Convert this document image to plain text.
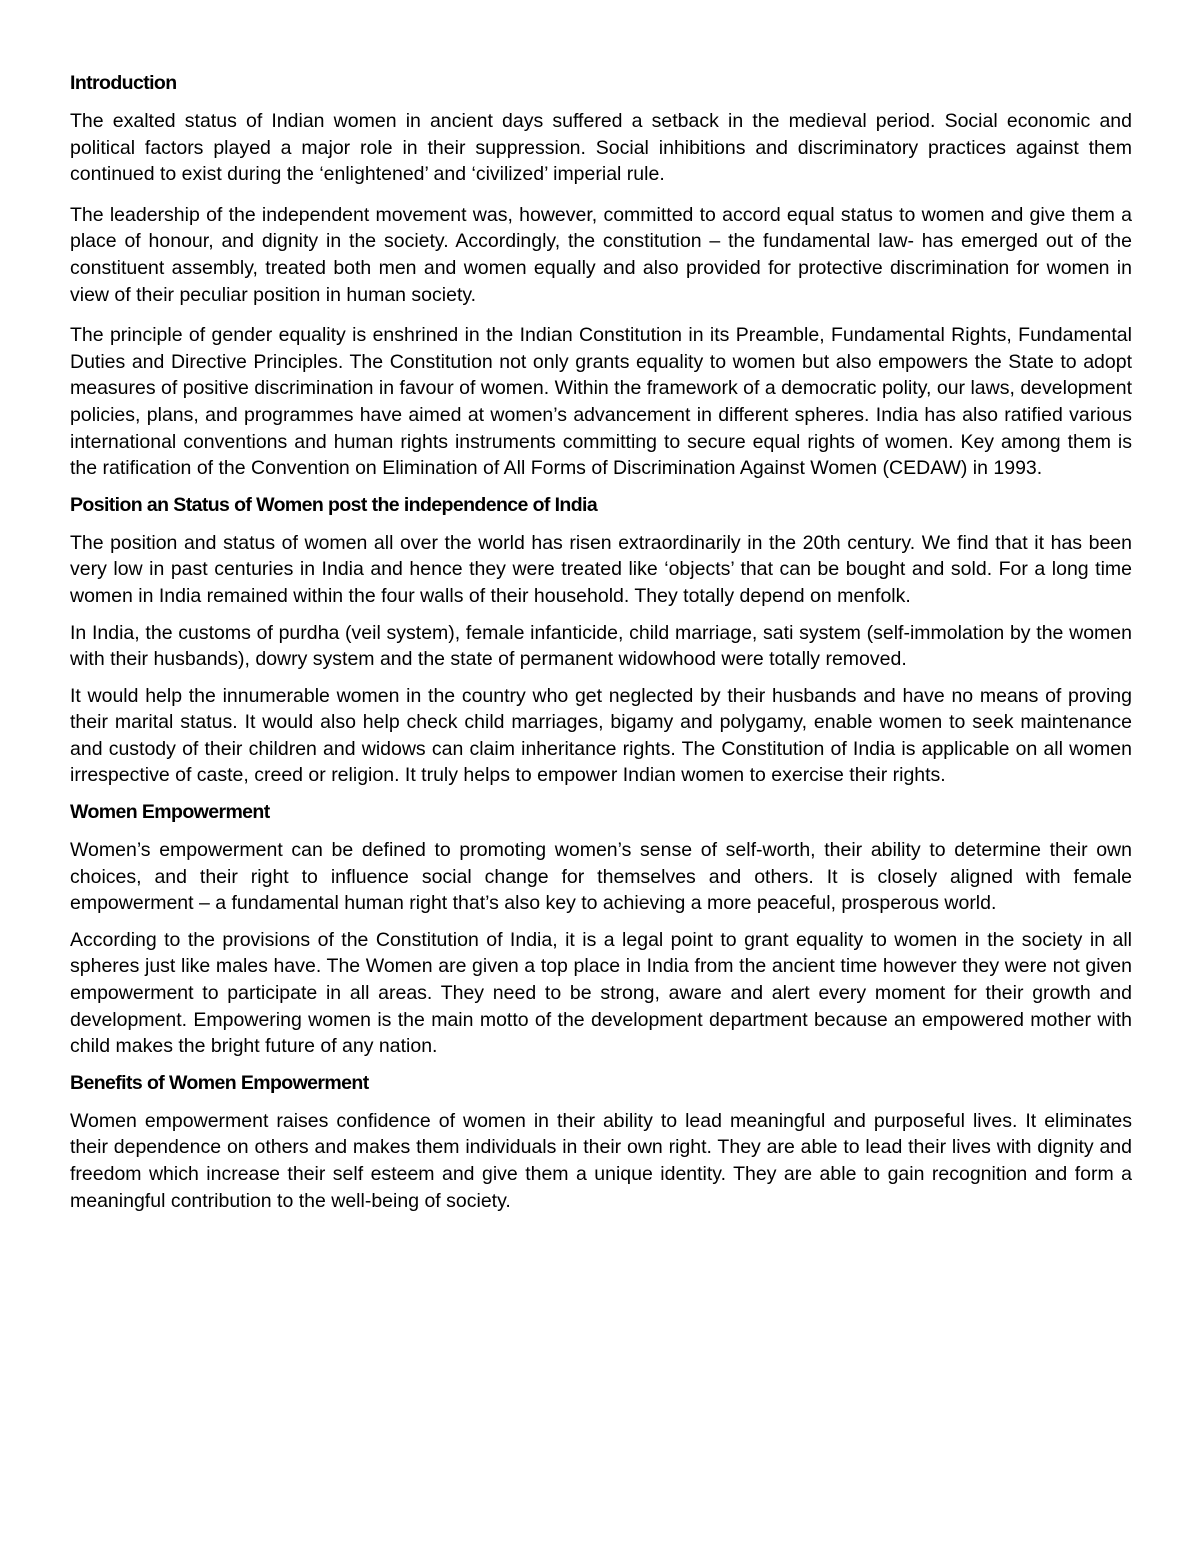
Introduction

The exalted status of Indian women in ancient days suffered a setback in the medieval period. Social economic and political factors played a major role in their suppression. Social inhibitions and discriminatory practices against them continued to exist during the ‘enlightened’ and ‘civilized’ imperial rule.

The leadership of the independent movement was, however, committed to accord equal status to women and give them a place of honour, and dignity in the society. Accordingly, the constitution – the fundamental law- has emerged out of the constituent assembly, treated both men and women equally and also provided for protective discrimination for women in view of their peculiar position in human society.

The principle of gender equality is enshrined in the Indian Constitution in its Preamble, Fundamental Rights, Fundamental Duties and Directive Principles. The Constitution not only grants equality to women but also empowers the State to adopt measures of positive discrimination in favour of women. Within the framework of a democratic polity, our laws, development policies, plans, and programmes have aimed at women’s advancement in different spheres. India has also ratified various international conventions and human rights instruments committing to secure equal rights of women. Key among them is the ratification of the Convention on Elimination of All Forms of Discrimination Against Women (CEDAW) in 1993.

Position an Status of Women post the independence of India

The position and status of women all over the world has risen extraordinarily in the 20th century. We find that it has been very low in past centuries in India and hence they were treated like ‘objects’ that can be bought and sold. For a long time women in India remained within the four walls of their household. They totally depend on menfolk.

In India, the customs of purdha (veil system), female infanticide, child marriage, sati system (self-immolation by the women with their husbands), dowry system and the state of permanent widowhood were totally removed.

It would help the innumerable women in the country who get neglected by their husbands and have no means of proving their marital status. It would also help check child marriages, bigamy and polygamy, enable women to seek maintenance and custody of their children and widows can claim inheritance rights. The Constitution of India is applicable on all women irrespective of caste, creed or religion. It truly helps to empower Indian women to exercise their rights.

Women Empowerment

Women’s empowerment can be defined to promoting women’s sense of self-worth, their ability to determine their own choices, and their right to influence social change for themselves and others. It is closely aligned with female empowerment – a fundamental human right that’s also key to achieving a more peaceful, prosperous world.

According to the provisions of the Constitution of India, it is a legal point to grant equality to women in the society in all spheres just like males have. The Women are given a top place in India from the ancient time however they were not given empowerment to participate in all areas. They need to be strong, aware and alert every moment for their growth and development. Empowering women is the main motto of the development department because an empowered mother with child makes the bright future of any nation.

Benefits of Women Empowerment

Women empowerment raises confidence of women in their ability to lead meaningful and purposeful lives. It eliminates their dependence on others and makes them individuals in their own right. They are able to lead their lives with dignity and freedom which increase their self esteem and give them a unique identity. They are able to gain recognition and form a meaningful contribution to the well-being of society.
